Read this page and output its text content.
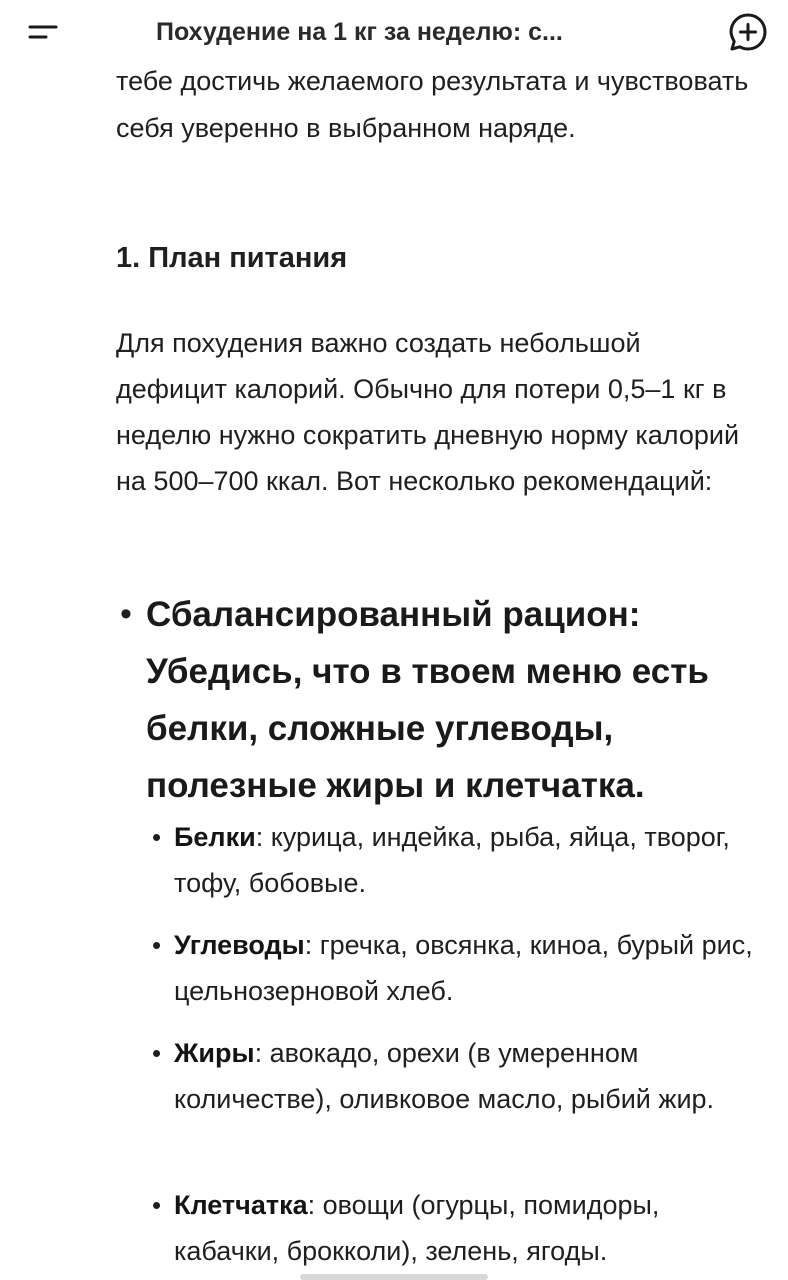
Похудение на 1 кг за неделю: с...

тебе достичь желаемого результата и чувствовать себя уверенно в выбранном наряде.

1. План питания

Для похудения важно создать небольшой дефицит калорий. Обычно для потери 0,5–1 кг в неделю нужно сократить дневную норму калорий на 500–700 ккал. Вот несколько рекомендаций:

• Сбалансированный рацион: Убедись, что в твоем меню есть белки, сложные углеводы, полезные жиры и клетчатка.

• Белки: курица, индейка, рыба, яйца, творог, тофу, бобовые.

• Углеводы: гречка, овсянка, киноа, бурый рис, цельнозерновой хлеб.

• Жиры: авокадо, орехи (в умеренном количестве), оливковое масло, рыбий жир.

• Клетчатка: овощи (огурцы, помидоры, кабачки, брокколи), зелень, ягоды.
